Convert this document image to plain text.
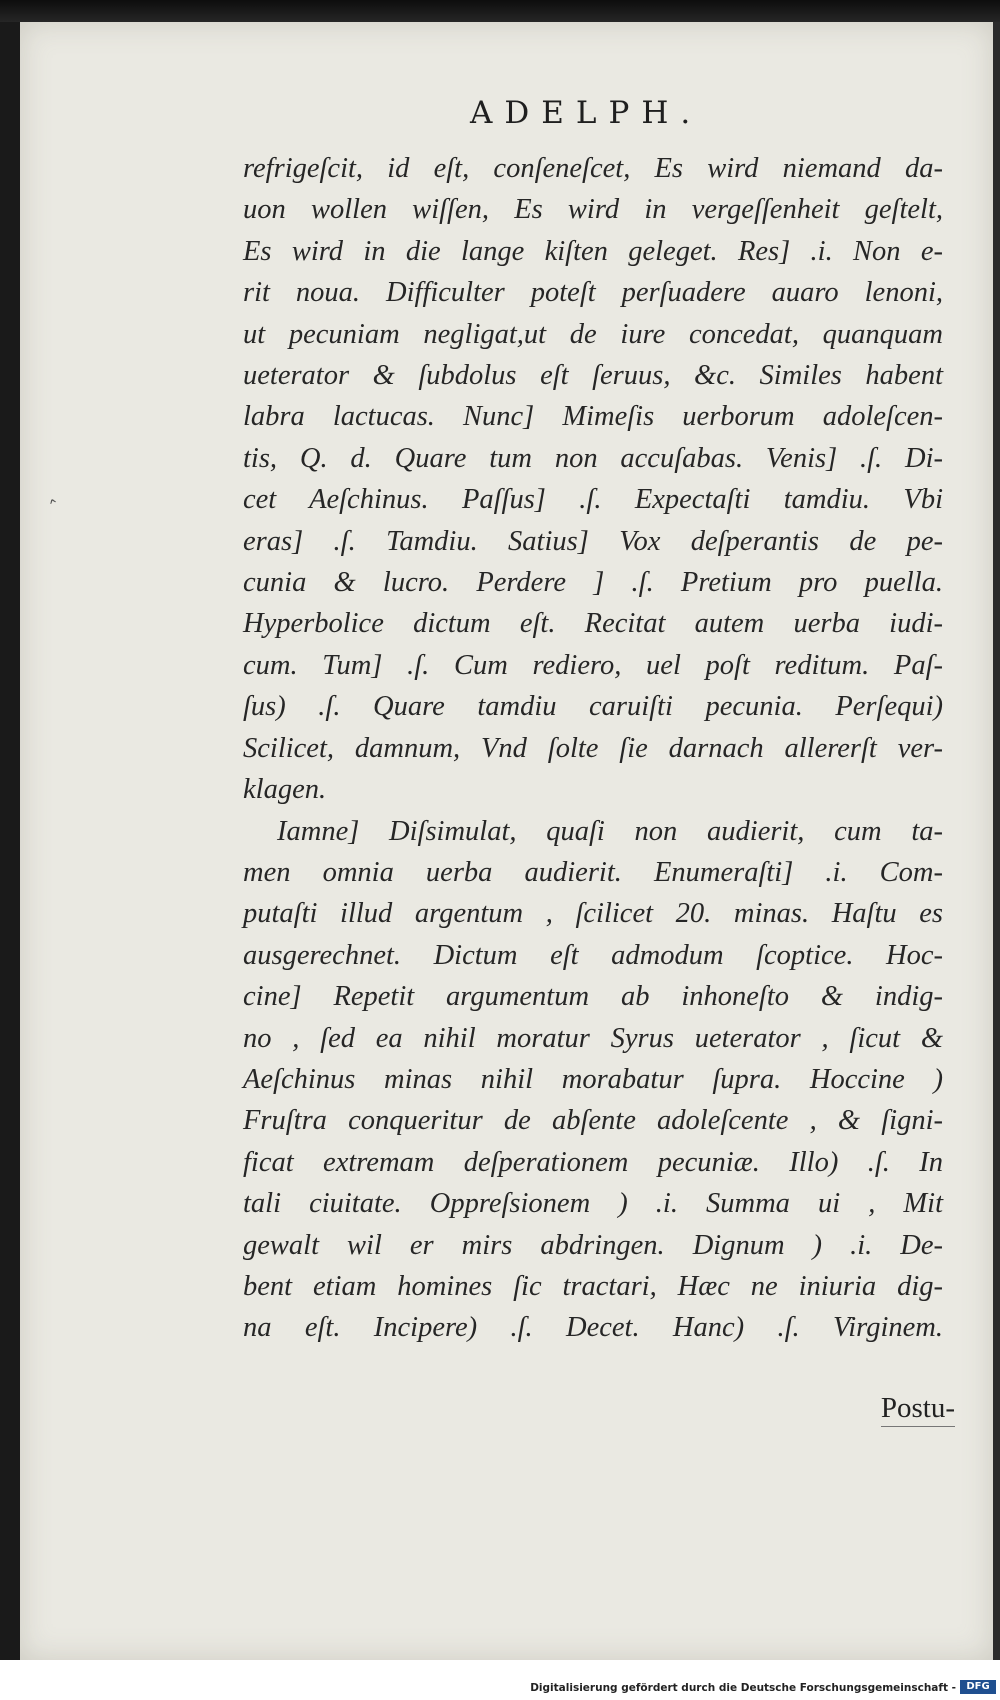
ˆ
ADELPH.
refrigeſcit, id eſt, conſeneſcet, Es wird niemand da-
uon wollen wiſſen, Es wird in vergeſſenheit geſtelt,
Es wird in die lange kiſten geleget. Res] .i. Non e-
rit noua. Difficulter poteſt perſuadere auaro lenoni,
ut pecuniam negligat,ut de iure concedat, quanquam
ueterator & ſubdolus eſt ſeruus, &c. Similes habent
labra lactucas. Nunc] Mimeſis uerborum adoleſcen-
tis, Q. d. Quare tum non accuſabas. Venis] .ſ. Di-
cet Aeſchinus. Paſſus] .ſ. Expectaſti tamdiu. Vbi
eras] .ſ. Tamdiu. Satius] Vox deſperantis de pe-
cunia & lucro. Perdere ] .ſ. Pretium pro puella.
Hyperbolice dictum eſt. Recitat autem uerba iudi-
cum. Tum] .ſ. Cum rediero, uel poſt reditum. Paſ-
ſus) .ſ. Quare tamdiu caruiſti pecunia. Perſequi)
Scilicet, damnum, Vnd ſolte ſie darnach allererſt ver-
klagen.
Iamne] Diſsimulat, quaſi non audierit, cum ta-
men omnia uerba audierit. Enumeraſti] .i. Com-
putaſti illud argentum , ſcilicet 20. minas. Haſtu es
ausgerechnet. Dictum eſt admodum ſcoptice. Hoc-
cine] Repetit argumentum ab inhoneſto & indig-
no , ſed ea nihil moratur Syrus ueterator , ſicut &
Aeſchinus minas nihil morabatur ſupra. Hoccine )
Fruſtra conqueritur de abſente adoleſcente , & ſigni-
ficat extremam deſperationem pecuniæ. Illo) .ſ. In
tali ciuitate. Oppreſsionem ) .i. Summa ui , Mit
gewalt wil er mirs abdringen. Dignum ) .i. De-
bent etiam homines ſic tractari, Hæc ne iniuria dig-
na eſt. Incipere) .ſ. Decet. Hanc) .ſ. Virginem.
Postu-
Digitalisierung gefördert durch die Deutsche Forschungsgemeinschaft -	DFG
